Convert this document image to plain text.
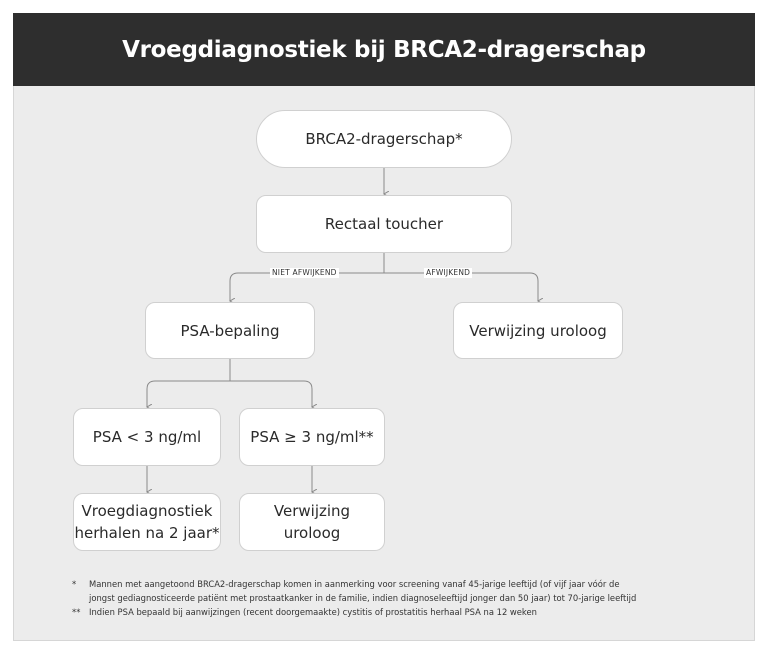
Vroegdiagnostiek bij BRCA2-dragerschap
NIET AFWIJKEND	AFWIJKEND
BRCA2-dragerschap*
Rectaal toucher
PSA-bepaling	Verwijzing uroloog
PSA < 3 ng/ml	PSA ≥ 3 ng/ml**
Vroegdiagnostiek
herhalen na 2 jaar*
Verwijzing
uroloog
*	Mannen met aangetoond BRCA2-dragerschap komen in aanmerking voor screening vanaf 45-jarige leeftijd (of vijf jaar vóór de
jongst gediagnosticeerde patiënt met prostaatkanker in de familie, indien diagnoseleeftijd jonger dan 50 jaar) tot 70-jarige leeftijd
**	Indien PSA bepaald bij aanwijzingen (recent doorgemaakte) cystitis of prostatitis herhaal PSA na 12 weken
